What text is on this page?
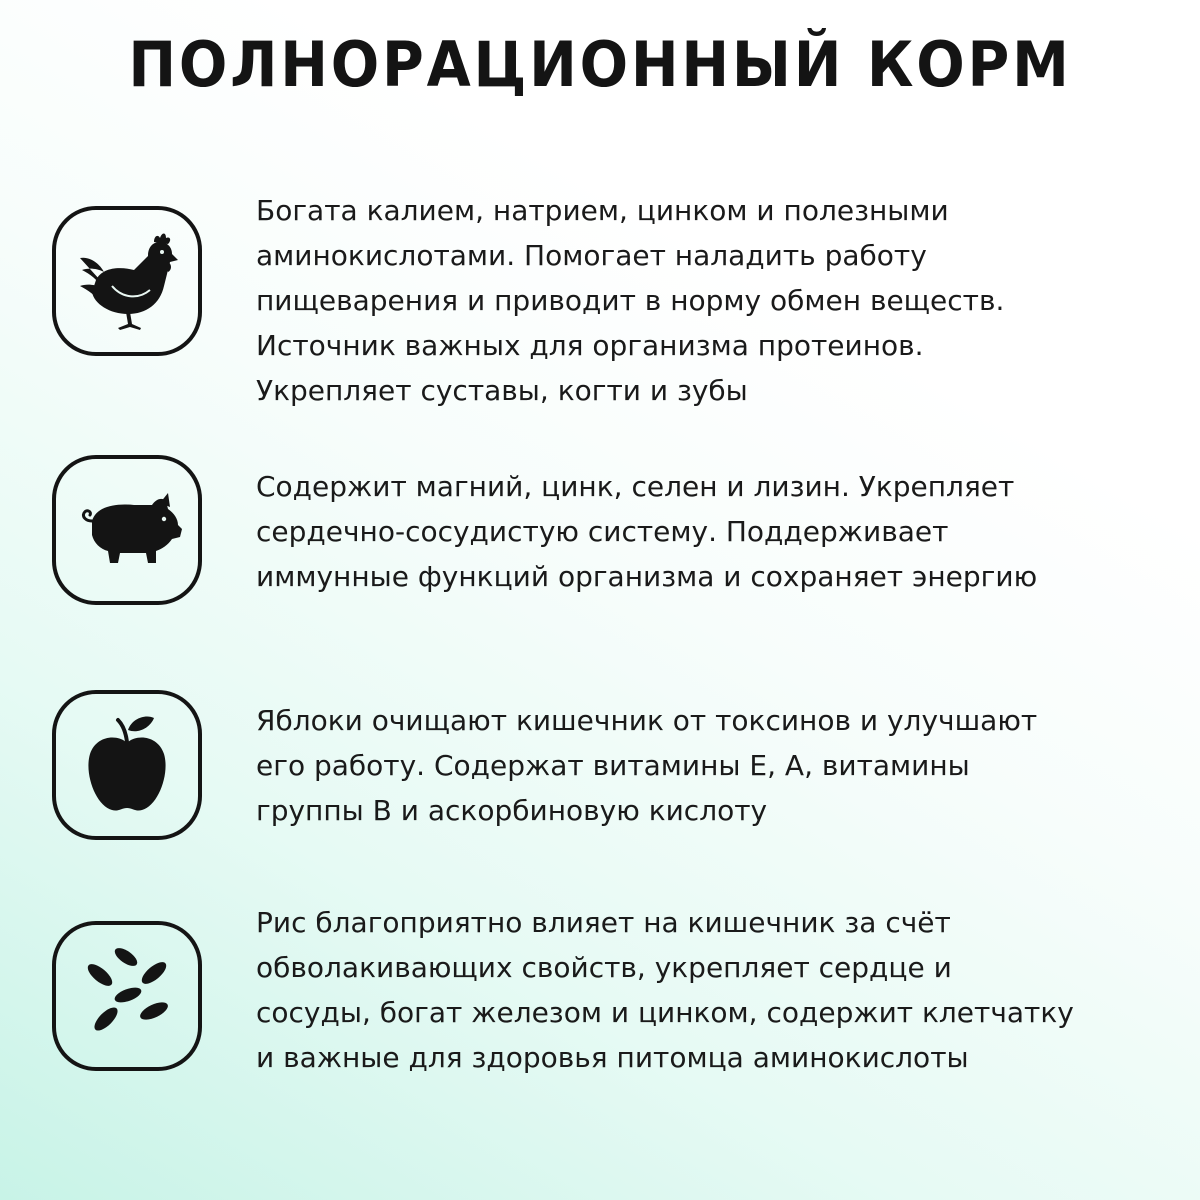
ПОЛНОРАЦИОННЫЙ КОРМ

Богата калием, натрием, цинком и полезными
аминокислотами. Помогает наладить работу
пищеварения и приводит в норму обмен веществ.
Источник важных для организма протеинов.
Укрепляет суставы, когти и зубы

Содержит магний, цинк, селен и лизин. Укрепляет
сердечно-сосудистую систему. Поддерживает
иммунные функций организма и сохраняет энергию

Яблоки очищают кишечник от токсинов и улучшают
его работу. Содержат витамины Е, А, витамины
группы В и аскорбиновую кислоту

Рис благоприятно влияет на кишечник за счёт
обволакивающих свойств, укрепляет сердце и
сосуды, богат железом и цинком, содержит клетчатку
и важные для здоровья питомца аминокислоты
